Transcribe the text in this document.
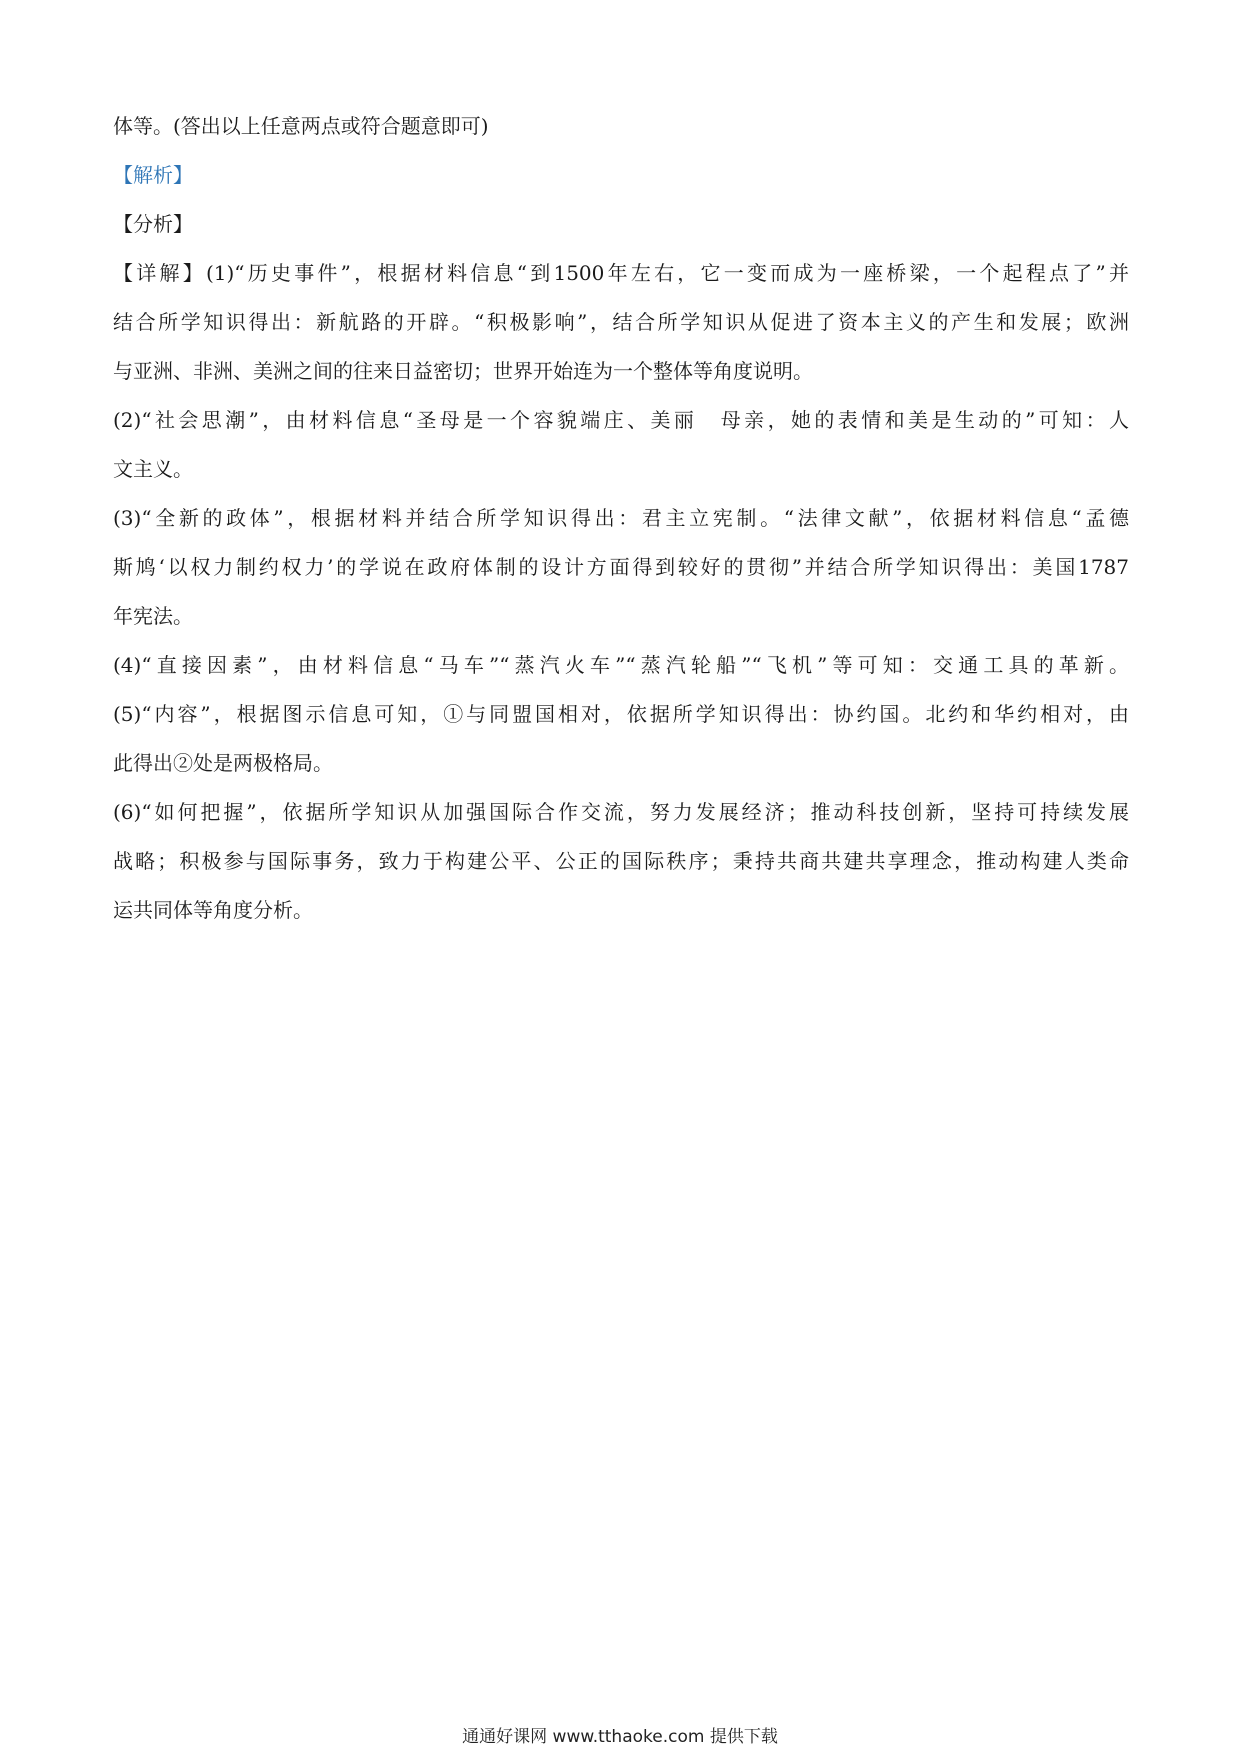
体等。(答出以上任意两点或符合题意即可)
【解析】
【分析】
【详解】(1)“历史事件”，根据材料信息“到1500年左右，它一变而成为一座桥梁，一个起程点了”并
结合所学知识得出：新航路的开辟。“积极影响”，结合所学知识从促进了资本主义的产生和发展；欧洲
与亚洲、非洲、美洲之间的往来日益密切；世界开始连为一个整体等角度说明。
(2)“社会思潮”，由材料信息“圣母是一个容貌端庄、美丽　母亲，她的表情和美是生动的”可知：人
文主义。
(3)“全新的政体”，根据材料并结合所学知识得出：君主立宪制。“法律文献”，依据材料信息“孟德
斯鸠‘以权力制约权力’的学说在政府体制的设计方面得到较好的贯彻”并结合所学知识得出：美国1787
年宪法。
(4)“直接因素”，由材料信息“马车”“蒸汽火车”“蒸汽轮船”“飞机”等可知：交通工具的革新。
(5)“内容”，根据图示信息可知，①与同盟国相对，依据所学知识得出：协约国。北约和华约相对，由
此得出②处是两极格局。
(6)“如何把握”，依据所学知识从加强国际合作交流，努力发展经济；推动科技创新，坚持可持续发展
战略；积极参与国际事务，致力于构建公平、公正的国际秩序；秉持共商共建共享理念，推动构建人类命
运共同体等角度分析。
通通好课网 www.tthaoke.com 提供下载
